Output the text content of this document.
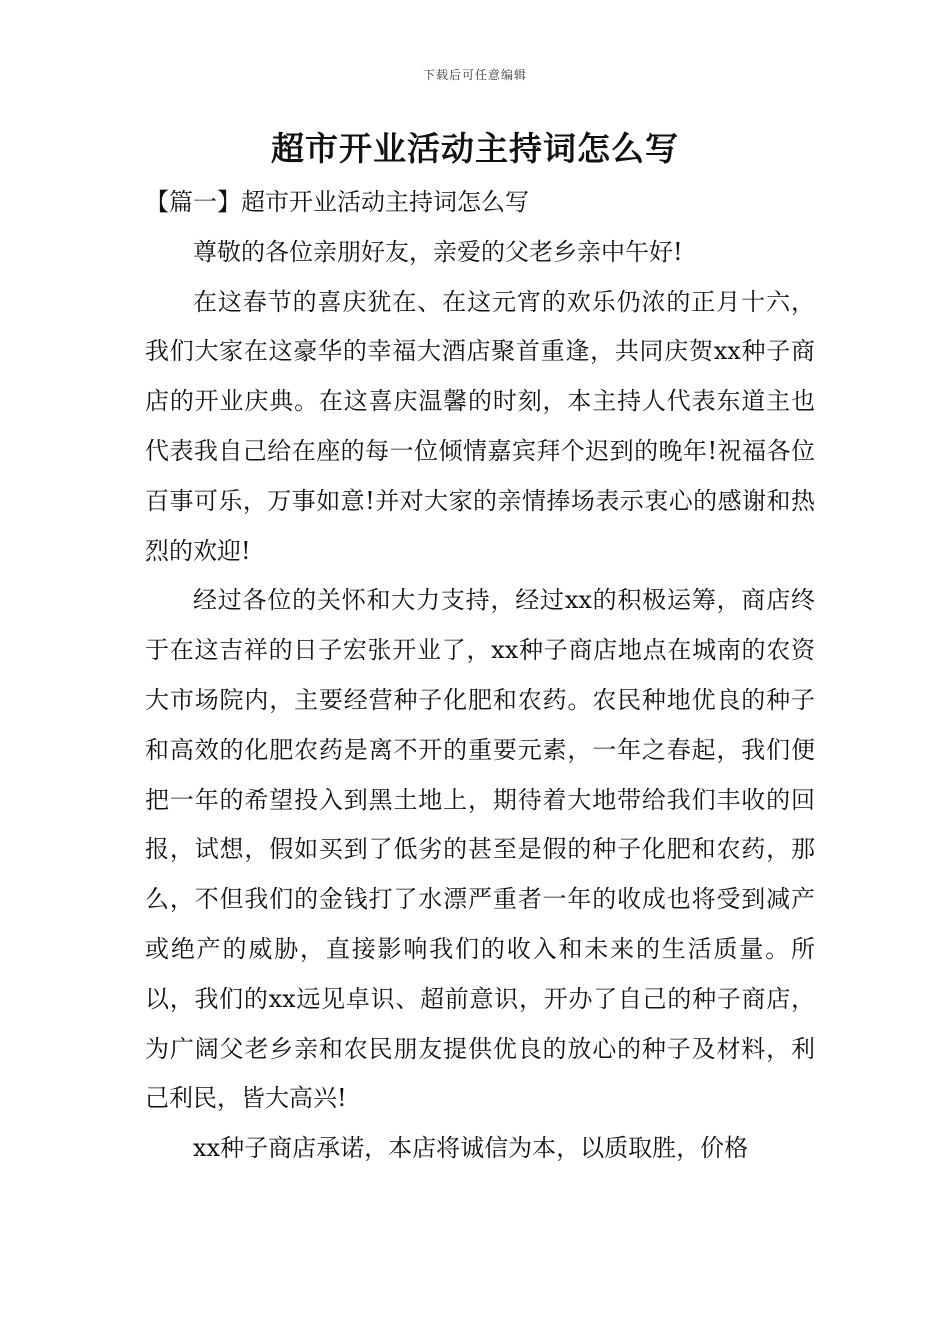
下载后可任意编辑
超市开业活动主持词怎么写

【篇一】超市开业活动主持词怎么写

尊敬的各位亲朋好友，亲爱的父老乡亲中午好!

在这春节的喜庆犹在、在这元宵的欢乐仍浓的正月十六，我们大家在这豪华的幸福大酒店聚首重逢，共同庆贺xx种子商店的开业庆典。在这喜庆温馨的时刻，本主持人代表东道主也代表我自己给在座的每一位倾情嘉宾拜个迟到的晚年!祝福各位百事可乐，万事如意!并对大家的亲情捧场表示衷心的感谢和热烈的欢迎!

经过各位的关怀和大力支持，经过xx的积极运筹，商店终于在这吉祥的日子宏张开业了，xx种子商店地点在城南的农资大市场院内，主要经营种子化肥和农药。农民种地优良的种子和高效的化肥农药是离不开的重要元素，一年之春起，我们便把一年的希望投入到黑土地上，期待着大地带给我们丰收的回报，试想，假如买到了低劣的甚至是假的种子化肥和农药，那么，不但我们的金钱打了水漂严重者一年的收成也将受到减产或绝产的威胁，直接影响我们的收入和未来的生活质量。所以，我们的xx远见卓识、超前意识，开办了自己的种子商店，为广阔父老乡亲和农民朋友提供优良的放心的种子及材料，利己利民，皆大高兴!

xx种子商店承诺，本店将诚信为本，以质取胜，价格
